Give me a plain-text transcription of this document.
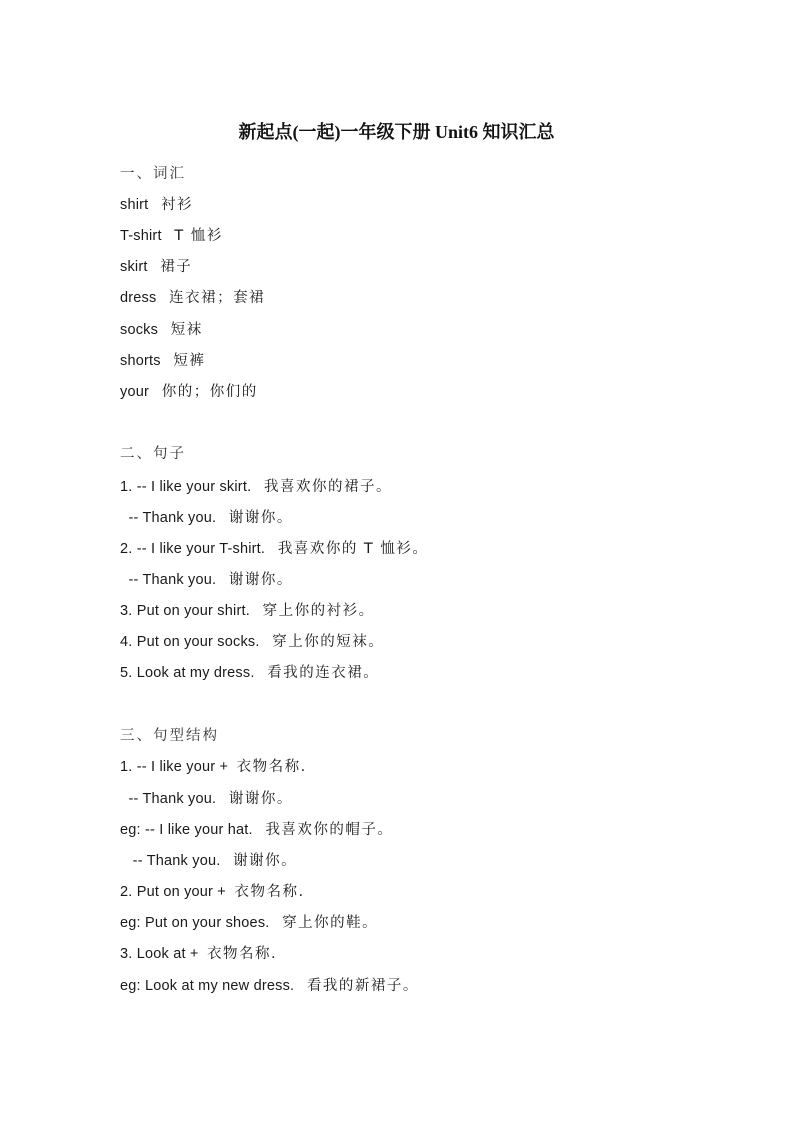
新起点(一起)一年级下册 Unit6 知识汇总
一、词汇
shirt 衬衫
T-shirt T 恤衫
skirt 裙子
dress 连衣裙；套裙
socks 短袜
shorts 短裤
your 你的；你们的
二、句子
1. -- I like your skirt. 我喜欢你的裙子。
-- Thank you. 谢谢你。
2. -- I like your T-shirt. 我喜欢你的 T 恤衫。
-- Thank you. 谢谢你。
3. Put on your shirt. 穿上你的衬衫。
4. Put on your socks. 穿上你的短袜。
5. Look at my dress. 看我的连衣裙。
三、句型结构
1. -- I like your + 衣物名称.
-- Thank you. 谢谢你。
eg: -- I like your hat. 我喜欢你的帽子。
-- Thank you. 谢谢你。
2. Put on your + 衣物名称.
eg: Put on your shoes. 穿上你的鞋。
3. Look at + 衣物名称.
eg: Look at my new dress. 看我的新裙子。
